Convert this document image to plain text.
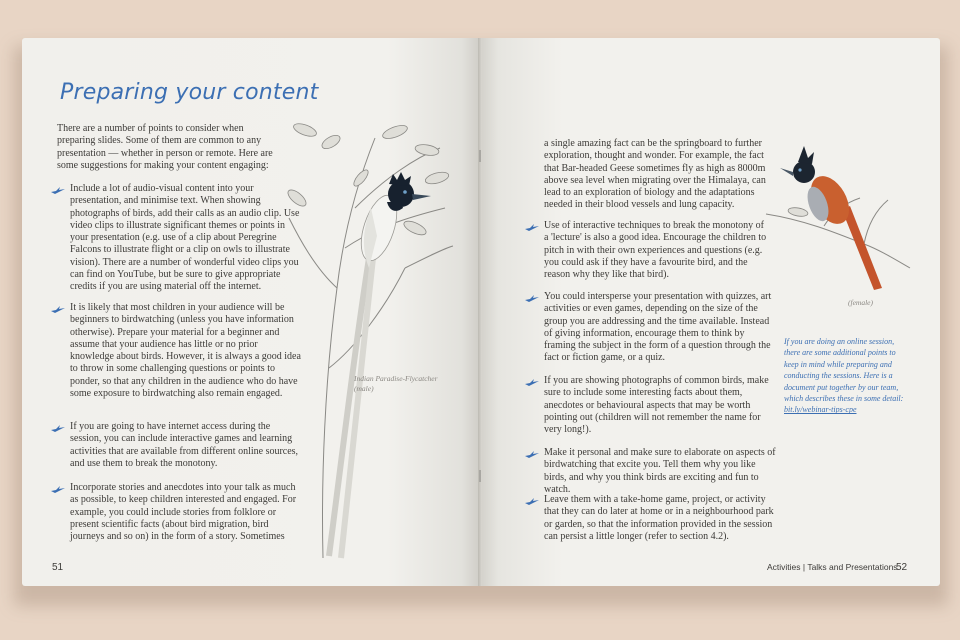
Preparing your content
There are a number of points to consider when preparing slides. Some of them are common to any presentation — whether in person or remote. Here are some suggestions for making your content engaging:
Include a lot of audio-visual content into your presentation, and minimise text. When showing photographs of birds, add their calls as an audio clip. Use video clips to illustrate significant themes or points in your presentation (e.g. use of a clip about Peregrine Falcons to illustrate flight or a clip on owls to illustrate vision). There are a number of wonderful video clips you can find on YouTube, but be sure to give appropriate credits if you are using material off the internet.
It is likely that most children in your audience will be beginners to birdwatching (unless you have information otherwise). Prepare your material for a beginner and assume that your audience has little or no prior knowledge about birds. However, it is always a good idea to throw in some challenging questions or points to ponder, so that any children in the audience who do have some exposure to birdwatching also remain engaged.
If you are going to have internet access during the session, you can include interactive games and learning activities that are available from different online sources, and use them to break the monotony.
Incorporate stories and anecdotes into your talk as much as possible, to keep children interested and engaged. For example, you could include stories from folklore or present scientific facts (about bird migration, bird journeys and so on) in the form of a story. Sometimes
Indian Paradise-Flycatcher (male)
51
a single amazing fact can be the springboard to further exploration, thought and wonder. For example, the fact that Bar-headed Geese sometimes fly as high as 8000m above sea level when migrating over the Himalaya, can lead to an exploration of biology and the adaptations needed in their blood vessels and lung capacity.
Use of interactive techniques to break the monotony of a 'lecture' is also a good idea. Encourage the children to pitch in with their own experiences and questions (e.g. you could ask if they have a favourite bird, and the reason why they like that bird).
You could intersperse your presentation with quizzes, art activities or even games, depending on the size of the group you are addressing and the time available. Instead of giving information, encourage them to think by framing the subject in the form of a question through the fact or fiction game, or a quiz.
If you are showing photographs of common birds, make sure to include some interesting facts about them, anecdotes or behavioural aspects that may be worth pointing out (children will not remember the name for very long!).
Make it personal and make sure to elaborate on aspects of birdwatching that excite you. Tell them why you like birds, and why you think birds are exciting and fun to watch.
Leave them with a take-home game, project, or activity that they can do later at home or in a neighbourhood park or garden, so that the information provided in the session can persist a little longer (refer to section 4.2).
(female)
If you are doing an online session, there are some additional points to keep in mind while preparing and conducting the sessions. Here is a document put together by our team, which describes these in some detail: bit.ly/webinar-tips-cpe
Activities | Talks and Presentations
52
